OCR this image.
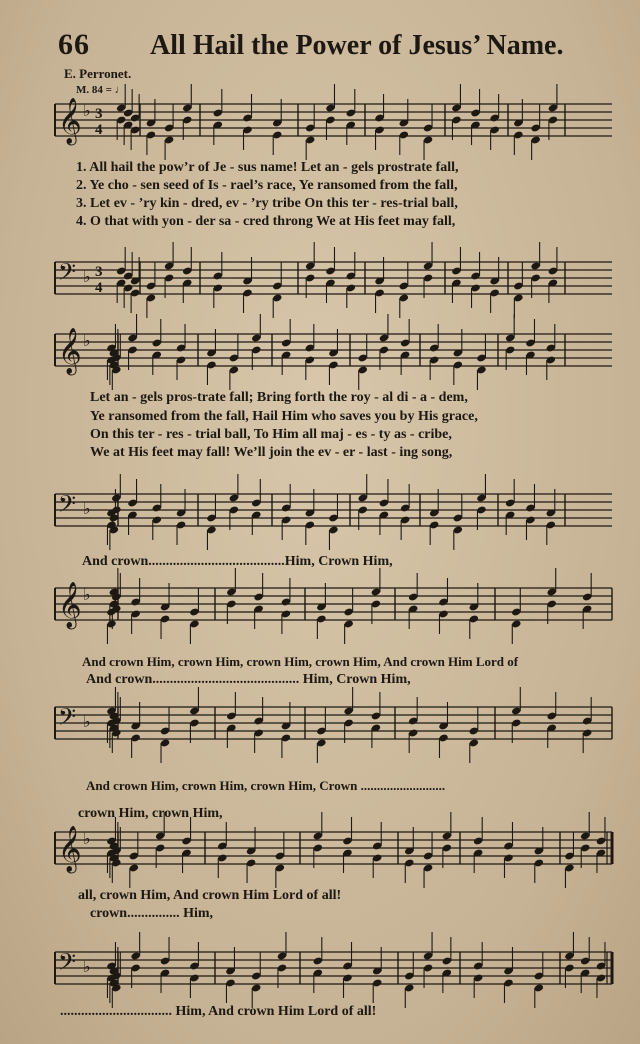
66 All Hail the Power of Jesus’ Name.
E. Perronet.
M. 84 = ♩
𝄞 ♭ 3
4
𝄢 ♭ 3
4
𝄞 ♭
𝄢 ♭
𝄞 ♭
𝄢 ♭
𝄞 ♭
𝄢 ♭
1. All hail the pow’r of Je - sus name! Let an - gels prostrate fall,
2. Ye cho - sen seed of Is - rael’s race, Ye ransomed from the fall,
3. Let ev - ’ry kin - dred, ev - ’ry tribe On this ter - res-trial ball,
4. O that with yon - der sa - cred throng We at His feet may fall,
Let an - gels pros-trate fall; Bring forth the roy - al di - a - dem,
Ye ransomed from the fall, Hail Him who saves you by His grace,
On this ter - res - trial ball, To Him all maj - es - ty as - cribe,
We at His feet may fall! We’ll join the ev - er - last - ing song,
And crown.......................................Him, Crown Him,
And crown Him, crown Him, crown Him, crown Him, And crown Him Lord of
And crown.......................................... Him, Crown Him,
And crown Him, crown Him, crown Him, Crown ..........................
crown Him, crown Him,
all, crown Him, And crown Him Lord of all!
crown............... Him,
................................ Him, And crown Him Lord of all!
